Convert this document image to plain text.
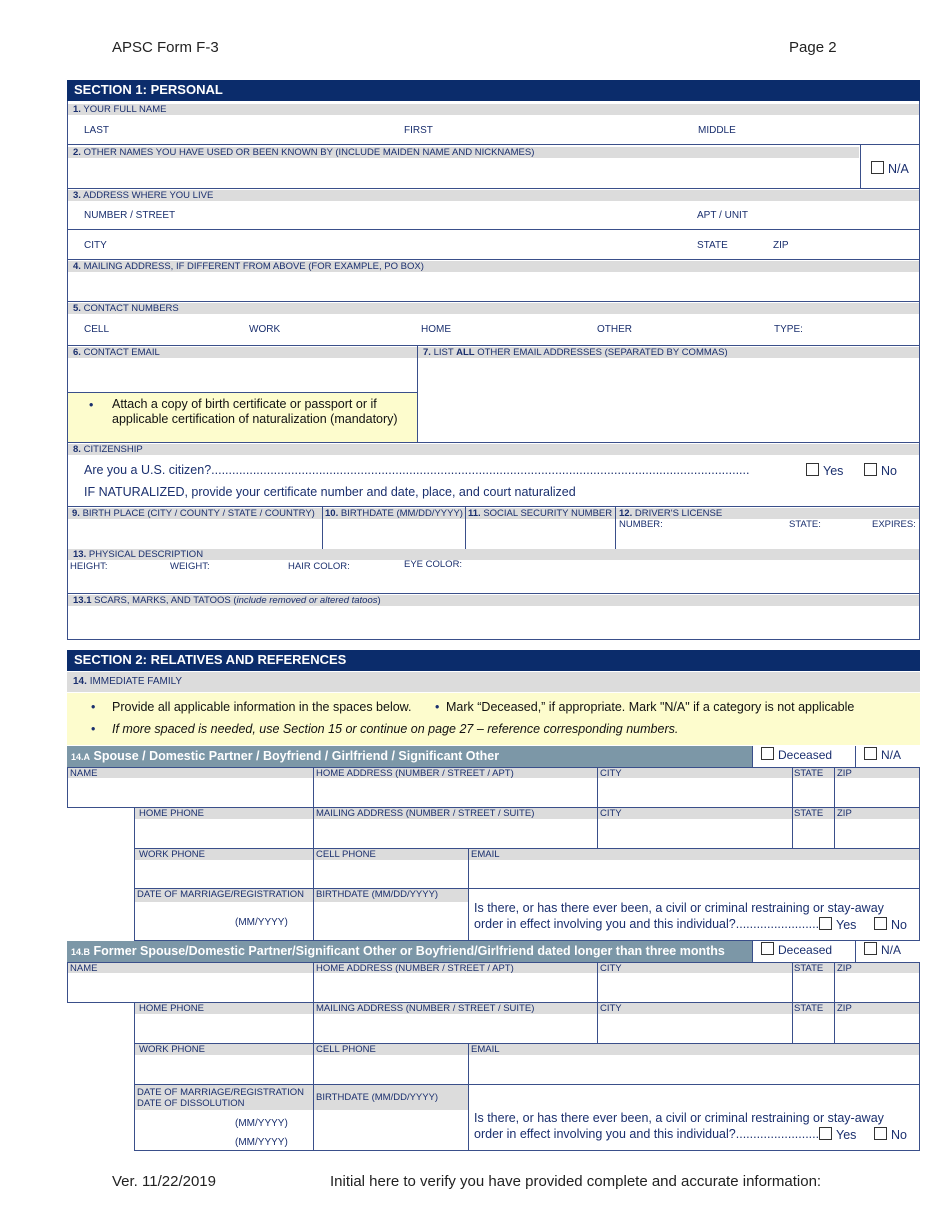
APSC Form F-3	Page 2
SECTION 1: PERSONAL
1. YOUR FULL NAME
LAST	FIRST	MIDDLE
2. OTHER NAMES YOU HAVE USED OR BEEN KNOWN BY (INCLUDE MAIDEN NAME AND NICKNAMES)
N/A
3. ADDRESS WHERE YOU LIVE
NUMBER / STREET	APT / UNIT
CITY	STATE	ZIP
4. MAILING ADDRESS, IF DIFFERENT FROM ABOVE (FOR EXAMPLE, PO BOX)
5. CONTACT NUMBERS
CELL	WORK	HOME	OTHER	TYPE:
6. CONTACT EMAIL	7. LIST ALL OTHER EMAIL ADDRESSES (SEPARATED BY COMMAS)
• Attach a copy of birth certificate or passport or if applicable certification of naturalization (mandatory)
8. CITIZENSHIP
Are you a U.S. citizen?...........................................................................................................................................................	Yes	No
IF NATURALIZED, provide your certificate number and date, place, and court naturalized
9. BIRTH PLACE (CITY / COUNTY / STATE / COUNTRY) 10. BIRTHDATE (MM/DD/YYYY) 11. SOCIAL SECURITY NUMBER 12. DRIVER'S LICENSE
NUMBER:	STATE:	EXPIRES:
13. PHYSICAL DESCRIPTION
HEIGHT:	WEIGHT:	HAIR COLOR:	EYE COLOR:
13.1 SCARS, MARKS, AND TATOOS (include removed or altered tatoos)
SECTION 2: RELATIVES AND REFERENCES
14. IMMEDIATE FAMILY
• Provide all applicable information in the spaces below. • Mark “Deceased,” if appropriate. Mark "N/A" if a category is not applicable
• If more spaced is needed, use Section 15 or continue on page 27 – reference corresponding numbers.
14.A Spouse / Domestic Partner / Boyfriend / Girlfriend / Significant Other	Deceased	N/A
NAME	HOME ADDRESS (NUMBER / STREET / APT)	CITY	STATE ZIP
HOME PHONE	MAILING ADDRESS (NUMBER / STREET / SUITE)	CITY	STATE ZIP
WORK PHONE	CELL PHONE	EMAIL
DATE OF MARRIAGE/REGISTRATION BIRTHDATE (MM/DD/YYYY)
(MM/YYYY)
Is there, or has there ever been, a civil or criminal restraining or stay-away
order in effect involving you and this individual?........................	Yes	No
14.B Former Spouse/Domestic Partner/Significant Other or Boyfriend/Girlfriend dated longer than three months	Deceased	N/A
NAME	HOME ADDRESS (NUMBER / STREET / APT)	CITY	STATE ZIP
HOME PHONE	MAILING ADDRESS (NUMBER / STREET / SUITE)	CITY	STATE ZIP
WORK PHONE	CELL PHONE	EMAIL
DATE OF MARRIAGE/REGISTRATION
DATE OF DISSOLUTION
BIRTHDATE (MM/DD/YYYY)
(MM/YYYY)
(MM/YYYY)
Is there, or has there ever been, a civil or criminal restraining or stay-away
order in effect involving you and this individual?........................	Yes	No
Ver. 11/22/2019	Initial here to verify you have provided complete and accurate information:
